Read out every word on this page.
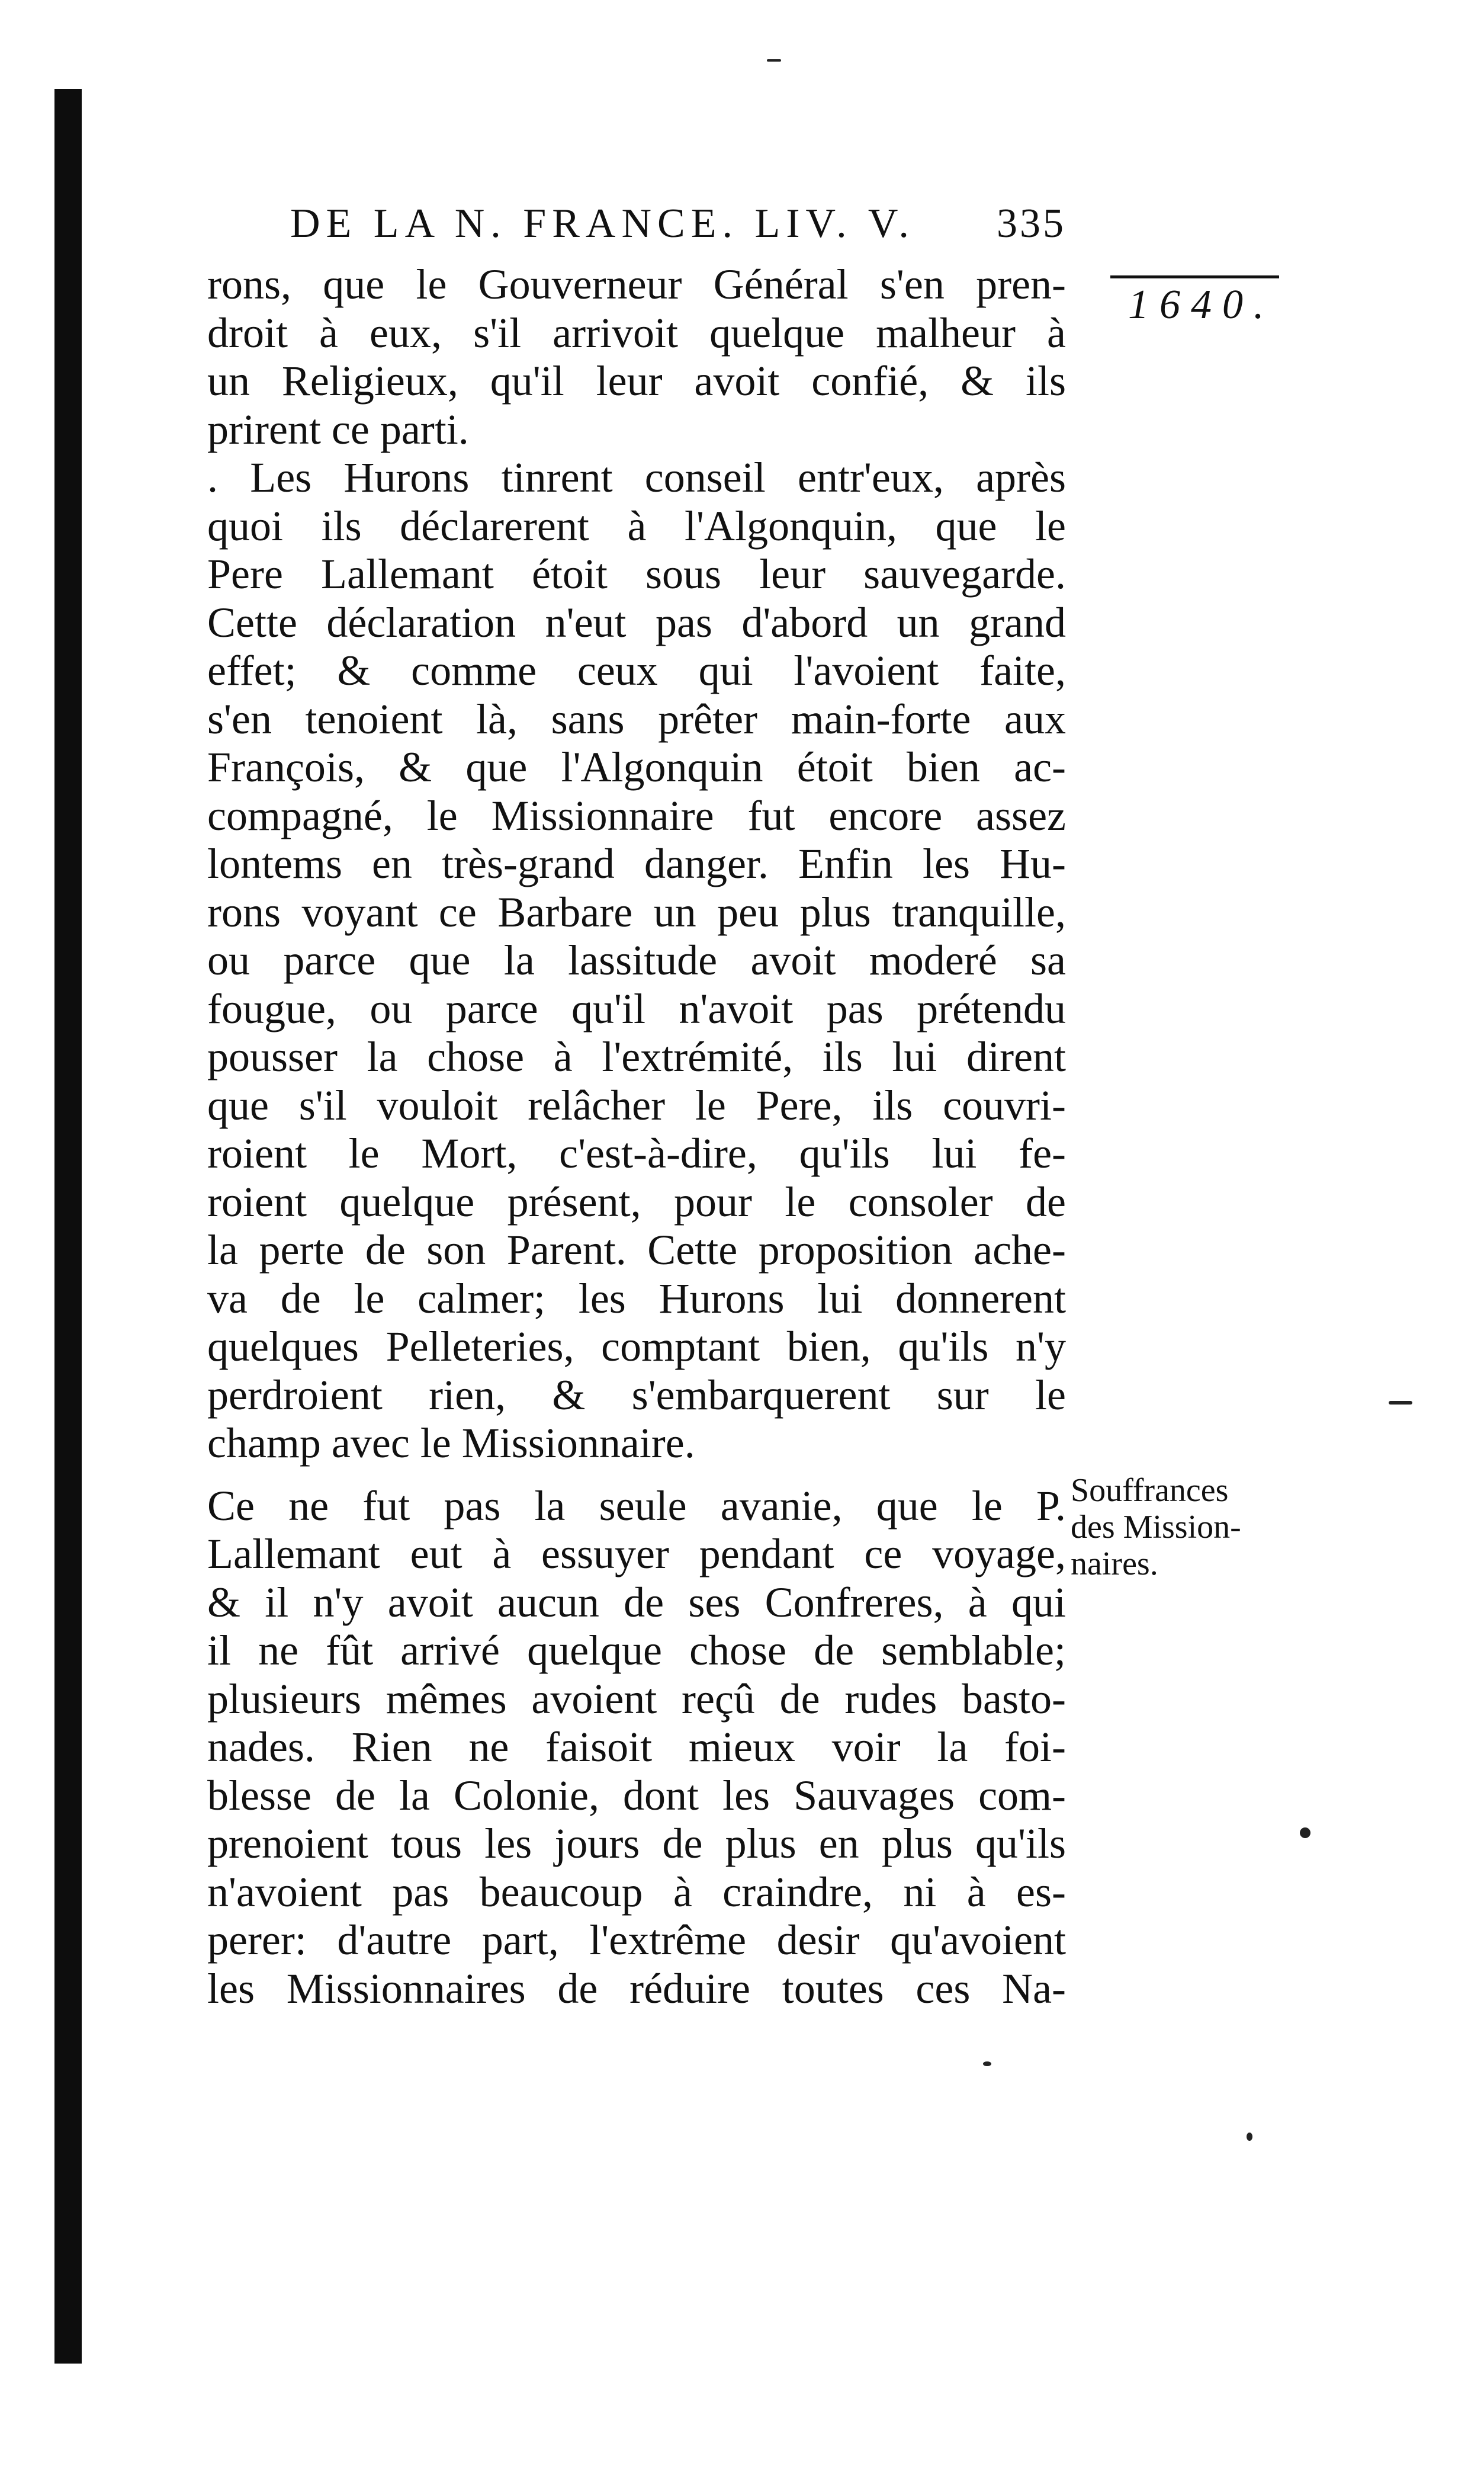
DE LA N. FRANCE. LIV. V. 335
1640.
rons, que le Gouverneur Général s'en pren-
droit à eux, s'il arrivoit quelque malheur à
un Religieux, qu'il leur avoit confié, & ils
prirent ce parti.
. Les Hurons tinrent conseil entr'eux, après
quoi ils déclarerent à l'Algonquin, que le
Pere Lallemant étoit sous leur sauvegarde.
Cette déclaration n'eut pas d'abord un grand
effet; & comme ceux qui l'avoient faite,
s'en tenoient là, sans prêter main-forte aux
François, & que l'Algonquin étoit bien ac-
compagné, le Missionnaire fut encore assez
lontems en très-grand danger. Enfin les Hu-
rons voyant ce Barbare un peu plus tranquille,
ou parce que la lassitude avoit moderé sa
fougue, ou parce qu'il n'avoit pas prétendu
pousser la chose à l'extrémité, ils lui dirent
que s'il vouloit relâcher le Pere, ils couvri-
roient le Mort, c'est-à-dire, qu'ils lui fe-
roient quelque présent, pour le consoler de
la perte de son Parent. Cette proposition ache-
va de le calmer; les Hurons lui donnerent
quelques Pelleteries, comptant bien, qu'ils n'y
perdroient rien, & s'embarquerent sur le
champ avec le Missionnaire.
Ce ne fut pas la seule avanie, que le P.
Lallemant eut à essuyer pendant ce voyage,
& il n'y avoit aucun de ses Confreres, à qui
il ne fût arrivé quelque chose de semblable;
plusieurs mêmes avoient reçû de rudes basto-
nades. Rien ne faisoit mieux voir la foi-
blesse de la Colonie, dont les Sauvages com-
prenoient tous les jours de plus en plus qu'ils
n'avoient pas beaucoup à craindre, ni à es-
perer: d'autre part, l'extrême desir qu'avoient
les Missionnaires de réduire toutes ces Na-
Souffrances
des Mission-
naires.
